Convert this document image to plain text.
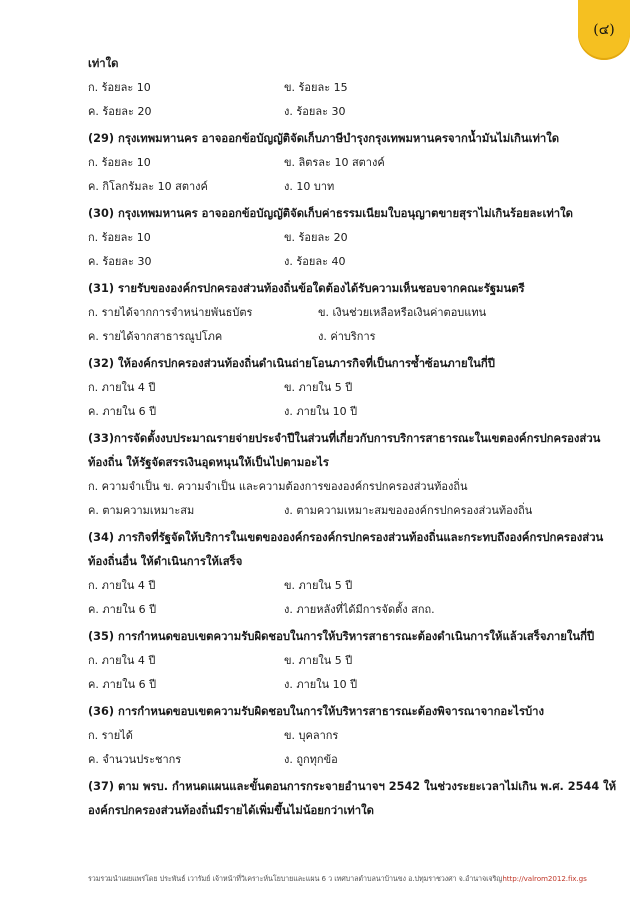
(๔)
เท่าใด
ก. ร้อยละ 10	ข. ร้อยละ 15
ค. ร้อยละ 20	ง. ร้อยละ 30
(29) กรุงเทพมหานคร อาจออกข้อบัญญัติจัดเก็บภาษีบำรุงกรุงเทพมหานครจากน้ำมันไม่เกินเท่าใด
ก. ร้อยละ 10	ข. ลิตรละ 10 สตางค์
ค. กิโลกรัมละ 10 สตางค์	ง. 10 บาท
(30) กรุงเทพมหานคร อาจออกข้อบัญญัติจัดเก็บค่าธรรมเนียมใบอนุญาตขายสุราไม่เกินร้อยละเท่าใด
ก. ร้อยละ 10	ข. ร้อยละ 20
ค. ร้อยละ 30	ง. ร้อยละ 40
(31) รายรับขององค์กรปกครองส่วนท้องถิ่นข้อใดต้องได้รับความเห็นชอบจากคณะรัฐมนตรี
ก. รายได้จากการจำหน่ายพันธบัตร	ข. เงินช่วยเหลือหรือเงินค่าตอบแทน
ค. รายได้จากสาธารณูปโภค	ง. ค่าบริการ
(32) ให้องค์กรปกครองส่วนท้องถิ่นดำเนินถ่ายโอนภารกิจที่เป็นการซ้ำซ้อนภายในกี่ปี
ก. ภายใน 4 ปี	ข. ภายใน 5 ปี
ค. ภายใน 6 ปี	ง. ภายใน 10 ปี
(33)การจัดตั้งงบประมาณรายจ่ายประจำปีในส่วนที่เกี่ยวกับการบริการสาธารณะในเขตองค์กรปกครองส่วน
ท้องถิ่น ให้รัฐจัดสรรเงินอุดหนุนให้เป็นไปตามอะไร
ก. ความจำเป็น ข. ความจำเป็น และความต้องการขององค์กรปกครองส่วนท้องถิ่น
ค. ตามความเหมาะสม	ง. ตามความเหมาะสมขององค์กรปกครองส่วนท้องถิ่น
(34) ภารกิจที่รัฐจัดให้บริการในเขตขององค์กรองค์กรปกครองส่วนท้องถิ่นและกระทบถึงองค์กรปกครองส่วน
ท้องถิ่นอื่น ให้ดำเนินการให้เสร็จ
ก. ภายใน 4 ปี	ข. ภายใน 5 ปี
ค. ภายใน 6 ปี	ง. ภายหลังที่ได้มีการจัดตั้ง สกถ.
(35) การกำหนดขอบเขตความรับผิดชอบในการให้บริหารสาธารณะต้องดำเนินการให้แล้วเสร็จภายในกี่ปี
ก. ภายใน 4 ปี	ข. ภายใน 5 ปี
ค. ภายใน 6 ปี	ง. ภายใน 10 ปี
(36) การกำหนดขอบเขตความรับผิดชอบในการให้บริหารสาธารณะต้องพิจารณาจากอะไรบ้าง
ก. รายได้	ข. บุคลากร
ค. จำนวนประชากร	ง. ถูกทุกข้อ
(37) ตาม พรบ. กำหนดแผนและขั้นตอนการกระจายอำนาจฯ 2542 ในช่วงระยะเวลาไม่เกิน พ.ศ. 2544 ให้
องค์กรปกครองส่วนท้องถิ่นมีรายได้เพิ่มขึ้นไม่น้อยกว่าเท่าใด
รวมรวมนำเผยแพร่โดย ประพันธ์ เวารัมย์ เจ้าหน้าที่วิเคราะห์นโยบายและแผน 6 ว เทศบาลตำบลนาบ้านขง อ.ปทุมราชวงศา จ.อำนาจเจริญhttp://valrom2012.fix.gs
